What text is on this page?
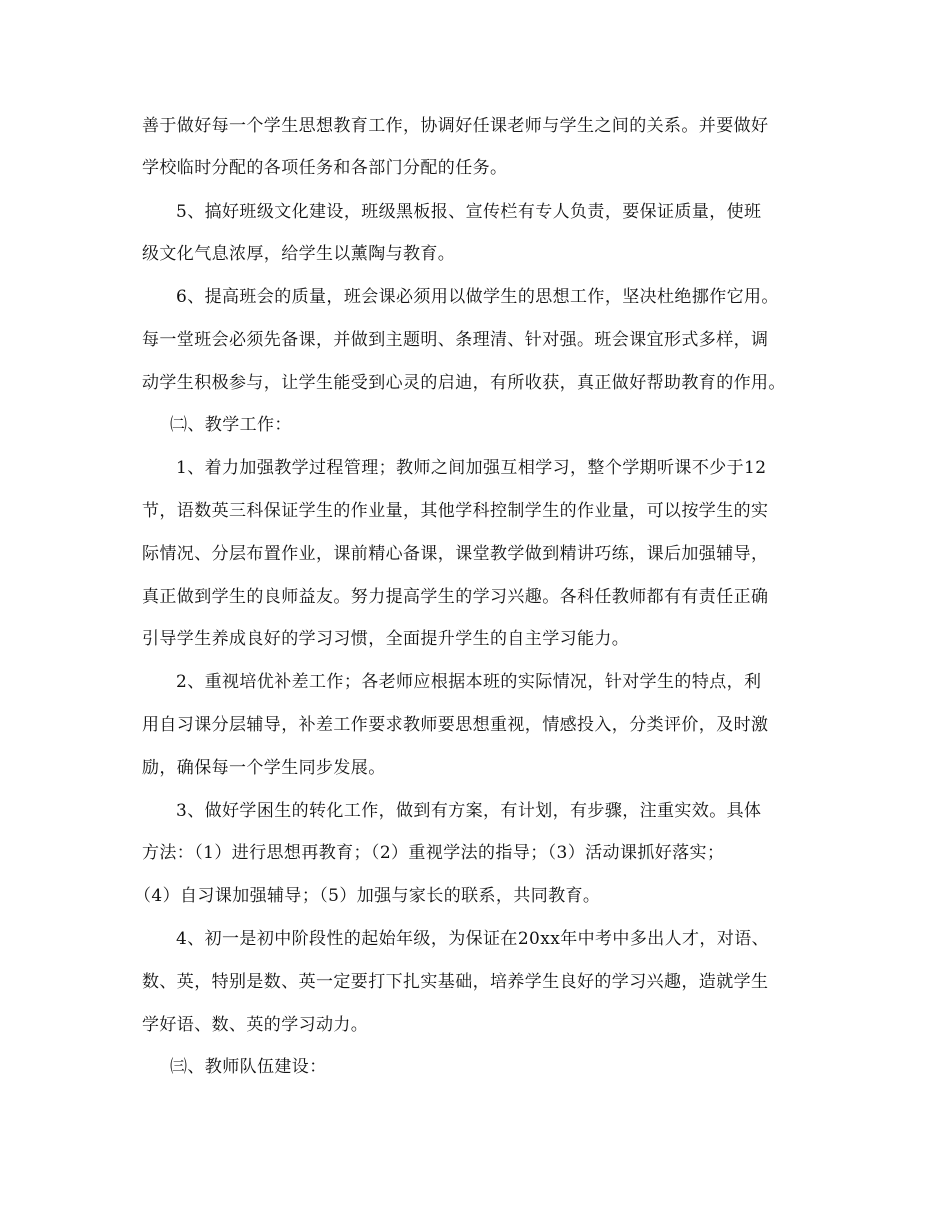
善于做好每一个学生思想教育工作，协调好任课老师与学生之间的关系。并要做好
学校临时分配的各项任务和各部门分配的任务。
5、搞好班级文化建设，班级黑板报、宣传栏有专人负责，要保证质量，使班
级文化气息浓厚，给学生以薰陶与教育。
6、提高班会的质量，班会课必须用以做学生的思想工作，坚决杜绝挪作它用。
每一堂班会必须先备课，并做到主题明、条理清、针对强。班会课宜形式多样，调
动学生积极参与，让学生能受到心灵的启迪，有所收获，真正做好帮助教育的作用。
㈡、教学工作：
1、着力加强教学过程管理；教师之间加强互相学习，整个学期听课不少于12
节，语数英三科保证学生的作业量，其他学科控制学生的作业量，可以按学生的实
际情况、分层布置作业，课前精心备课，课堂教学做到精讲巧练，课后加强辅导，
真正做到学生的良师益友。努力提高学生的学习兴趣。各科任教师都有有责任正确
引导学生养成良好的学习习惯，全面提升学生的自主学习能力。
2、重视培优补差工作；各老师应根据本班的实际情况，针对学生的特点，利
用自习课分层辅导，补差工作要求教师要思想重视，情感投入，分类评价，及时激
励，确保每一个学生同步发展。
3、做好学困生的转化工作，做到有方案，有计划，有步骤，注重实效。具体
方法：（1）进行思想再教育；（2）重视学法的指导；（3）活动课抓好落实；
（4）自习课加强辅导；（5）加强与家长的联系，共同教育。
4、初一是初中阶段性的起始年级，为保证在20xx年中考中多出人才，对语、
数、英，特别是数、英一定要打下扎实基础，培养学生良好的学习兴趣，造就学生
学好语、数、英的学习动力。
㈢、教师队伍建设：
